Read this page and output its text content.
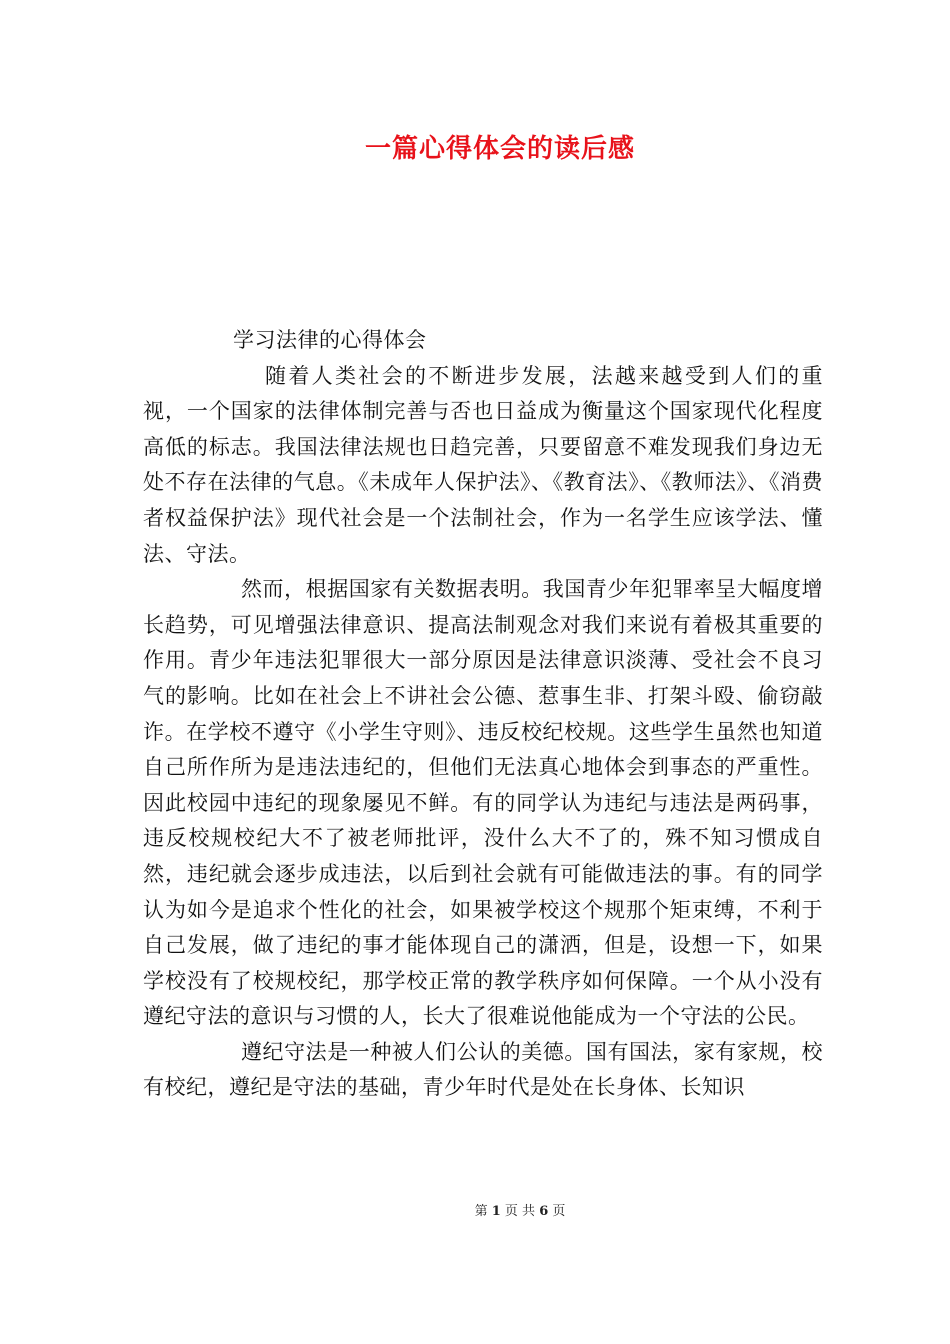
一篇心得体会的读后感

学习法律的心得体会

随着人类社会的不断进步发展，法越来越受到人们的重视，一个国家的法律体制完善与否也日益成为衡量这个国家现代化程度高低的标志。我国法律法规也日趋完善，只要留意不难发现我们身边无处不存在法律的气息。《未成年人保护法》、《教育法》、《教师法》、《消费者权益保护法》现代社会是一个法制社会，作为一名学生应该学法、懂法、守法。

然而，根据国家有关数据表明。我国青少年犯罪率呈大幅度增长趋势，可见增强法律意识、提高法制观念对我们来说有着极其重要的作用。青少年违法犯罪很大一部分原因是法律意识淡薄、受社会不良习气的影响。比如在社会上不讲社会公德、惹事生非、打架斗殴、偷窃敲诈。在学校不遵守《小学生守则》、违反校纪校规。这些学生虽然也知道自己所作所为是违法违纪的，但他们无法真心地体会到事态的严重性。因此校园中违纪的现象屡见不鲜。有的同学认为违纪与违法是两码事，违反校规校纪大不了被老师批评，没什么大不了的，殊不知习惯成自然，违纪就会逐步成违法，以后到社会就有可能做违法的事。有的同学认为如今是追求个性化的社会，如果被学校这个规那个矩束缚，不利于自己发展，做了违纪的事才能体现自己的潇洒，但是，设想一下，如果学校没有了校规校纪，那学校正常的教学秩序如何保障。一个从小没有遵纪守法的意识与习惯的人，长大了很难说他能成为一个守法的公民。

遵纪守法是一种被人们公认的美德。国有国法，家有家规，校有校纪，遵纪是守法的基础，青少年时代是处在长身体、长知识

第 1 页 共 6 页
